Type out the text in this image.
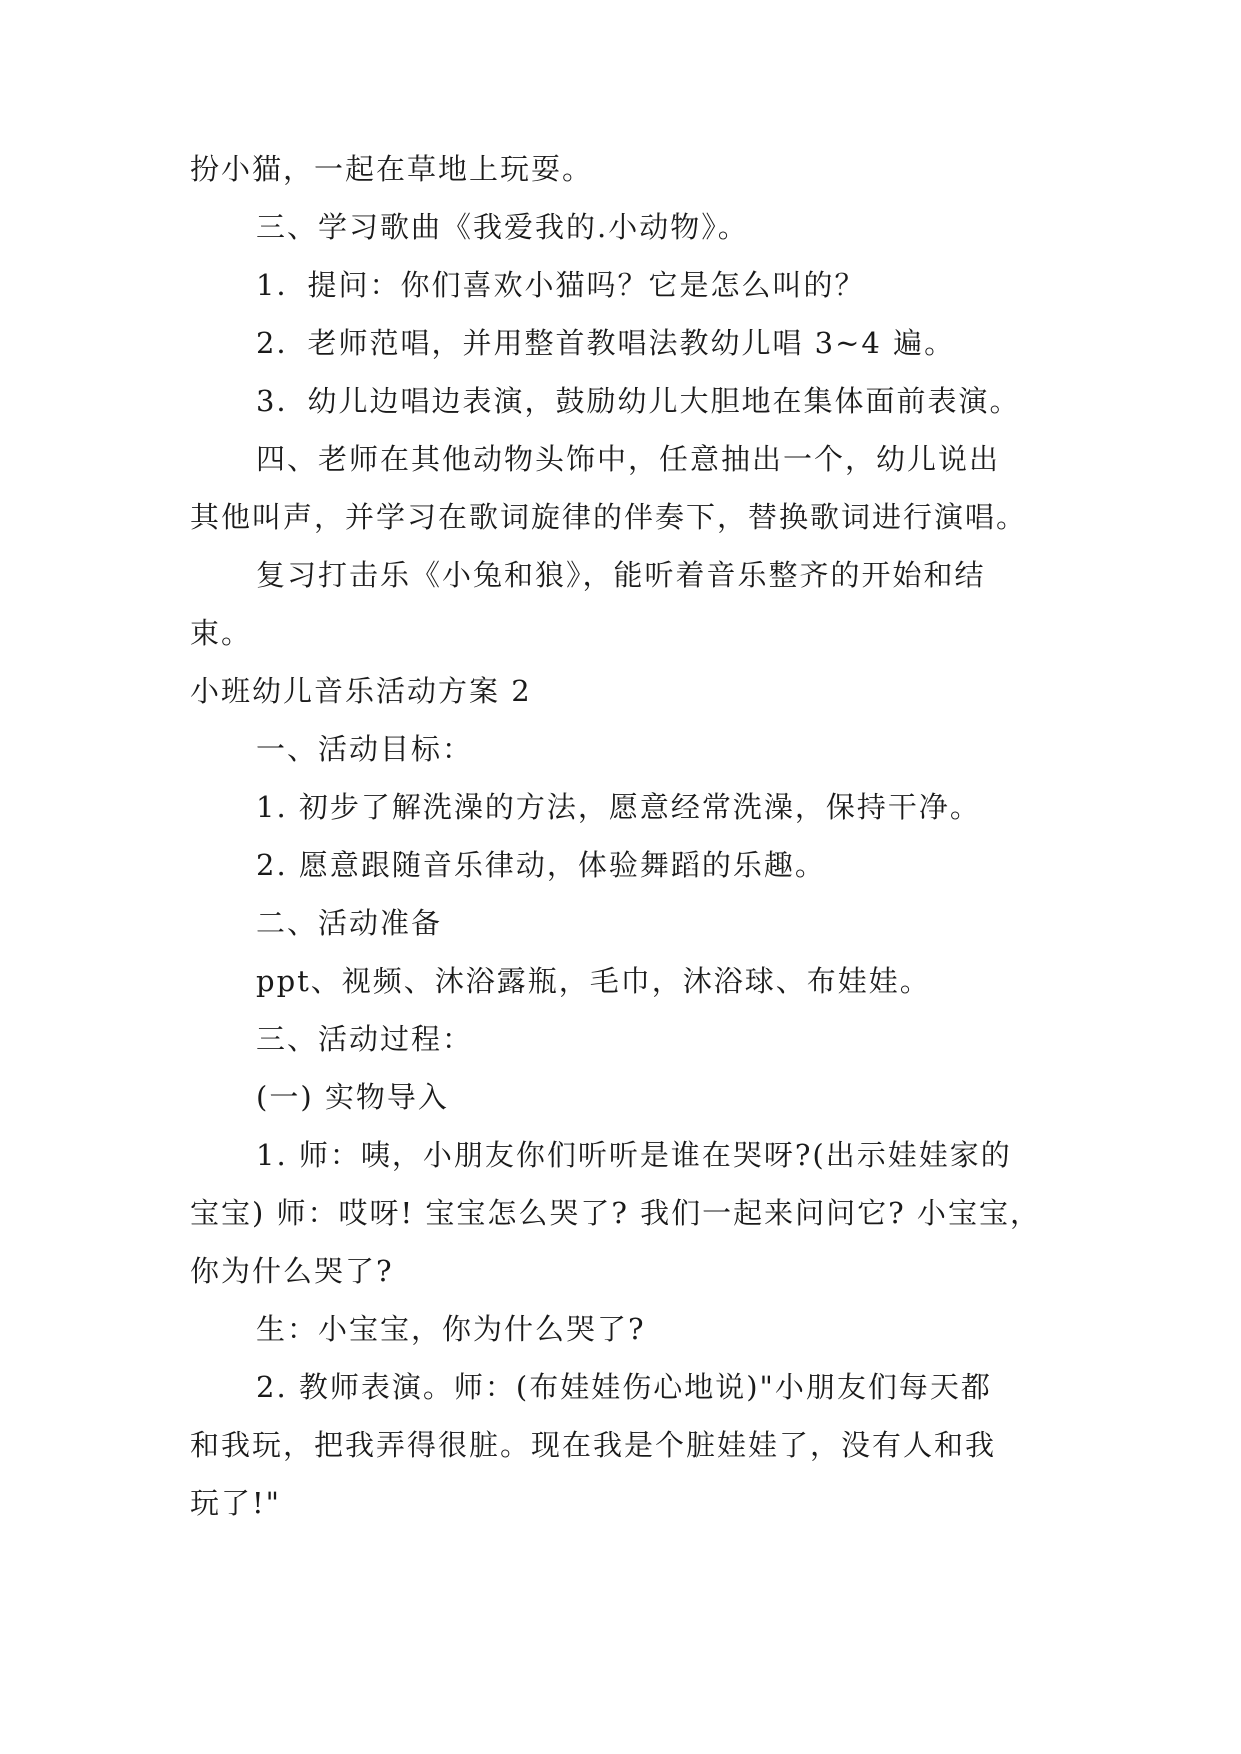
扮小猫，一起在草地上玩耍。
三、学习歌曲《我爱我的.小动物》。
1．提问：你们喜欢小猫吗？它是怎么叫的？
2．老师范唱，并用整首教唱法教幼儿唱 3~4 遍。
3．幼儿边唱边表演，鼓励幼儿大胆地在集体面前表演。
四、老师在其他动物头饰中，任意抽出一个，幼儿说出
其他叫声，并学习在歌词旋律的伴奏下，替换歌词进行演唱。
复习打击乐《小兔和狼》，能听着音乐整齐的开始和结
束。
小班幼儿音乐活动方案 2
一、活动目标：
1. 初步了解洗澡的方法，愿意经常洗澡，保持干净。
2. 愿意跟随音乐律动，体验舞蹈的乐趣。
二、活动准备
ppt、视频、沐浴露瓶，毛巾，沐浴球、布娃娃。
三、活动过程：
(一) 实物导入
1. 师：咦，小朋友你们听听是谁在哭呀?(出示娃娃家的
宝宝) 师：哎呀! 宝宝怎么哭了? 我们一起来问问它? 小宝宝，
你为什么哭了?
生：小宝宝，你为什么哭了?
2. 教师表演。师：(布娃娃伤心地说)"小朋友们每天都
和我玩，把我弄得很脏。现在我是个脏娃娃了，没有人和我
玩了!"
